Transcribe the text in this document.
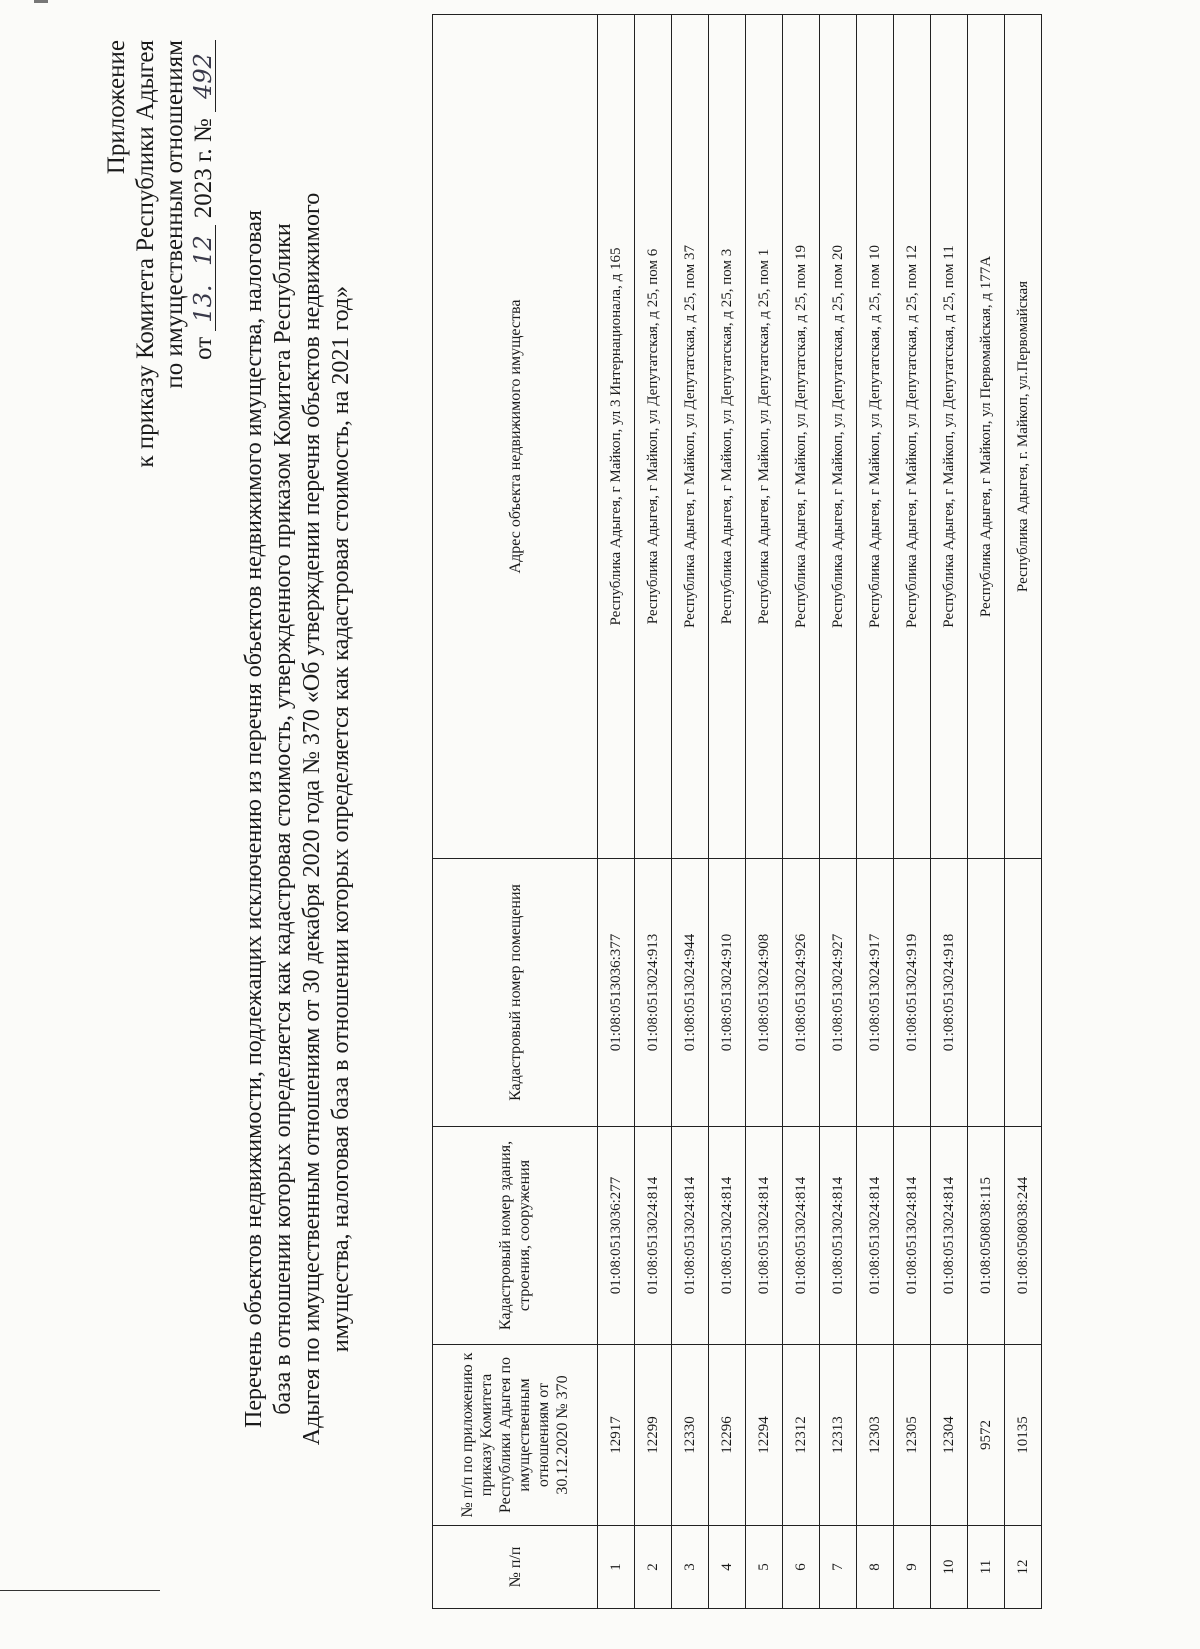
Приложение к приказу Комитета Республики Адыгея по имущественным отношениям от 13.12 2023 г. № 492
Перечень объектов недвижимости, подлежащих исключению из перечня объектов недвижимого имущества, налоговая база в отношении которых определяется как кадастровая стоимость, утвержденного приказом Комитета Республики Адыгея по имущественным отношениям от 30 декабря 2020 года № 370 «Об утверждении перечня объектов недвижимого имущества, налоговая база в отношении которых определяется как кадастровая стоимость, на 2021 год»
№ п/п	№ п/п по приложению к приказу Комитета Республики Адыгея по имущественным отношениям от 30.12.2020 № 370	Кадастровый номер здания, строения, сооружения	Кадастровый номер помещения	Адрес объекта недвижимого имущества
1	12917	01:08:0513036:277	01:08:0513036:377	Республика Адыгея, г Майкоп, ул 3 Интернационала, д 165
2	12299	01:08:0513024:814	01:08:0513024:913	Республика Адыгея, г Майкоп, ул Депутатская, д 25, пом 6
3	12330	01:08:0513024:814	01:08:0513024:944	Республика Адыгея, г Майкоп, ул Депутатская, д 25, пом 37
4	12296	01:08:0513024:814	01:08:0513024:910	Республика Адыгея, г Майкоп, ул Депутатская, д 25, пом 3
5	12294	01:08:0513024:814	01:08:0513024:908	Республика Адыгея, г Майкоп, ул Депутатская, д 25, пом 1
6	12312	01:08:0513024:814	01:08:0513024:926	Республика Адыгея, г Майкоп, ул Депутатская, д 25, пом 19
7	12313	01:08:0513024:814	01:08:0513024:927	Республика Адыгея, г Майкоп, ул Депутатская, д 25, пом 20
8	12303	01:08:0513024:814	01:08:0513024:917	Республика Адыгея, г Майкоп, ул Депутатская, д 25, пом 10
9	12305	01:08:0513024:814	01:08:0513024:919	Республика Адыгея, г Майкоп, ул Депутатская, д 25, пом 12
10	12304	01:08:0513024:814	01:08:0513024:918	Республика Адыгея, г Майкоп, ул Депутатская, д 25, пом 11
11	9572	01:08:0508038:115		Республика Адыгея, г Майкоп, ул Первомайская, д 177А
12	10135	01:08:0508038:244		Республика Адыгея, г. Майкоп, ул.Первомайская
